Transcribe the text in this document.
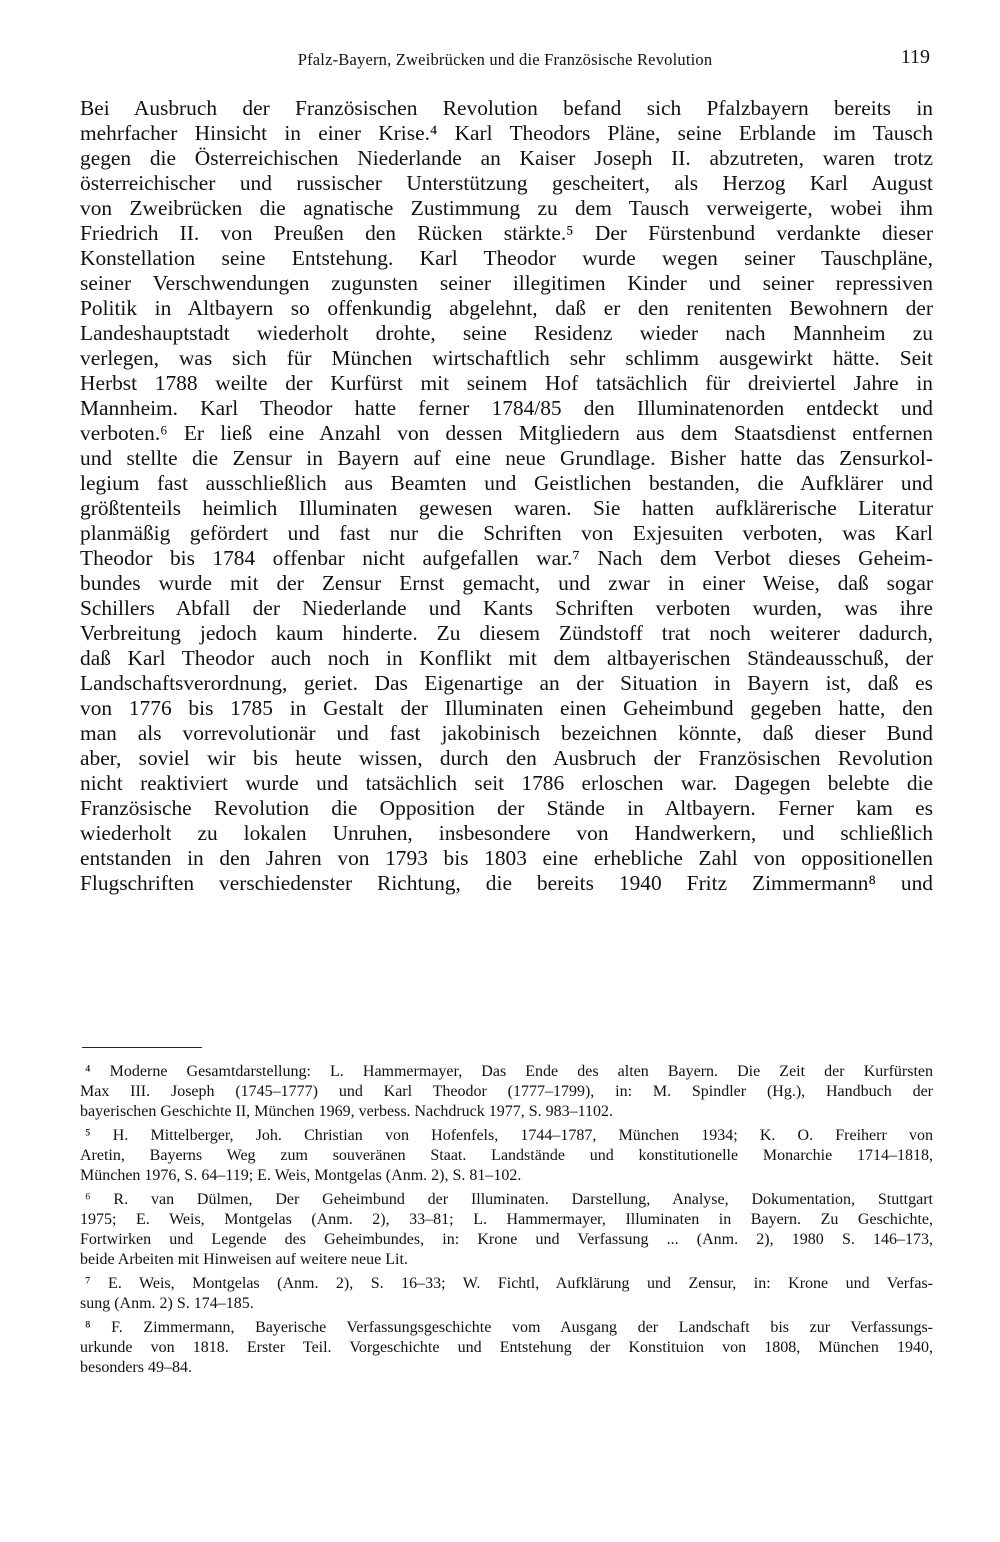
Pfalz-Bayern, Zweibrücken und die Französische Revolution	119
Bei Ausbruch der Französischen Revolution befand sich Pfalzbayern bereits in
mehrfacher Hinsicht in einer Krise.⁴ Karl Theodors Pläne, seine Erblande im Tausch
gegen die Österreichischen Niederlande an Kaiser Joseph II. abzutreten, waren trotz
österreichischer und russischer Unterstützung gescheitert, als Herzog Karl August
von Zweibrücken die agnatische Zustimmung zu dem Tausch verweigerte, wobei ihm
Friedrich II. von Preußen den Rücken stärkte.⁵ Der Fürstenbund verdankte dieser
Konstellation seine Entstehung. Karl Theodor wurde wegen seiner Tauschpläne,
seiner Verschwendungen zugunsten seiner illegitimen Kinder und seiner repressiven
Politik in Altbayern so offenkundig abgelehnt, daß er den renitenten Bewohnern der
Landeshauptstadt wiederholt drohte, seine Residenz wieder nach Mannheim zu
verlegen, was sich für München wirtschaftlich sehr schlimm ausgewirkt hätte. Seit
Herbst 1788 weilte der Kurfürst mit seinem Hof tatsächlich für dreiviertel Jahre in
Mannheim. Karl Theodor hatte ferner 1784/85 den Illuminatenorden entdeckt und
verboten.⁶ Er ließ eine Anzahl von dessen Mitgliedern aus dem Staatsdienst entfernen
und stellte die Zensur in Bayern auf eine neue Grundlage. Bisher hatte das Zensurkol-
legium fast ausschließlich aus Beamten und Geistlichen bestanden, die Aufklärer und
größtenteils heimlich Illuminaten gewesen waren. Sie hatten aufklärerische Literatur
planmäßig gefördert und fast nur die Schriften von Exjesuiten verboten, was Karl
Theodor bis 1784 offenbar nicht aufgefallen war.⁷ Nach dem Verbot dieses Geheim-
bundes wurde mit der Zensur Ernst gemacht, und zwar in einer Weise, daß sogar
Schillers Abfall der Niederlande und Kants Schriften verboten wurden, was ihre
Verbreitung jedoch kaum hinderte. Zu diesem Zündstoff trat noch weiterer dadurch,
daß Karl Theodor auch noch in Konflikt mit dem altbayerischen Ständeausschuß, der
Landschaftsverordnung, geriet. Das Eigenartige an der Situation in Bayern ist, daß es
von 1776 bis 1785 in Gestalt der Illuminaten einen Geheimbund gegeben hatte, den
man als vorrevolutionär und fast jakobinisch bezeichnen könnte, daß dieser Bund
aber, soviel wir bis heute wissen, durch den Ausbruch der Französischen Revolution
nicht reaktiviert wurde und tatsächlich seit 1786 erloschen war. Dagegen belebte die
Französische Revolution die Opposition der Stände in Altbayern. Ferner kam es
wiederholt zu lokalen Unruhen, insbesondere von Handwerkern, und schließlich
entstanden in den Jahren von 1793 bis 1803 eine erhebliche Zahl von oppositionellen
Flugschriften verschiedenster Richtung, die bereits 1940 Fritz Zimmermann⁸ und
⁴ Moderne Gesamtdarstellung: L. Hammermayer, Das Ende des alten Bayern. Die Zeit der Kurfürsten
Max III. Joseph (1745–1777) und Karl Theodor (1777–1799), in: M. Spindler (Hg.), Handbuch der
bayerischen Geschichte II, München 1969, verbess. Nachdruck 1977, S. 983–1102.
⁵ H. Mittelberger, Joh. Christian von Hofenfels, 1744–1787, München 1934; K. O. Freiherr von
Aretin, Bayerns Weg zum souveränen Staat. Landstände und konstitutionelle Monarchie 1714–1818,
München 1976, S. 64–119; E. Weis, Montgelas (Anm. 2), S. 81–102.
⁶ R. van Dülmen, Der Geheimbund der Illuminaten. Darstellung, Analyse, Dokumentation, Stuttgart
1975; E. Weis, Montgelas (Anm. 2), 33–81; L. Hammermayer, Illuminaten in Bayern. Zu Geschichte,
Fortwirken und Legende des Geheimbundes, in: Krone und Verfassung ... (Anm. 2), 1980 S. 146–173,
beide Arbeiten mit Hinweisen auf weitere neue Lit.
⁷ E. Weis, Montgelas (Anm. 2), S. 16–33; W. Fichtl, Aufklärung und Zensur, in: Krone und Verfas-
sung (Anm. 2) S. 174–185.
⁸ F. Zimmermann, Bayerische Verfassungsgeschichte vom Ausgang der Landschaft bis zur Verfassungs-
urkunde von 1818. Erster Teil. Vorgeschichte und Entstehung der Konstituion von 1808, München 1940,
besonders 49–84.
